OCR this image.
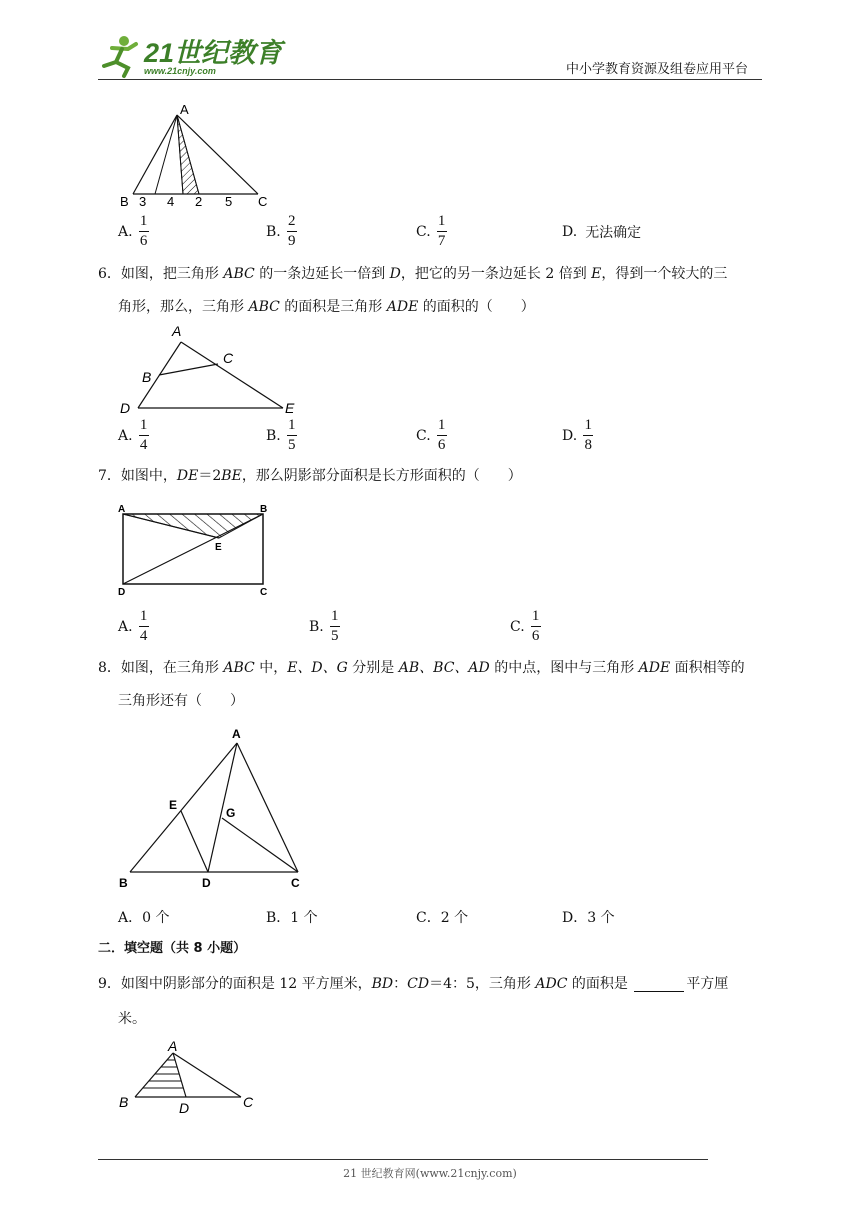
21世纪教育
www.21cnjy.com	中小学教育资源及组卷应用平台
A
B	C
3 4 2 5
A. $\frac{1}{6}$	B. $\frac{2}{9}$	C. $\frac{1}{7}$	D. 无法确定
6．如图，把三角形 ABC 的一条边延长一倍到 D，把它的另一条边延长 2 倍到 E，得到一个较大的三
角形，那么，三角形 ABC 的面积是三角形 ADE 的面积的（　　）
A
B
C
D	E
A. $\frac{1}{4}$	B. $\frac{1}{5}$	C. $\frac{1}{6}$	D. $\frac{1}{8}$
7．如图中，DE＝2BE，那么阴影部分面积是长方形面积的（　　）
A	B
C
D
E
A. $\frac{1}{4}$	B. $\frac{1}{5}$	C. $\frac{1}{6}$
8．如图，在三角形 ABC 中，E、D、G 分别是 AB、BC、AD 的中点，图中与三角形 ADE 面积相等的
三角形还有（　　）
A
B	C
D
E
G
A． 0 个	B． 1 个	C． 2 个	D． 3 个
二．填空题（共 8 小题）
9．如图中阴影部分的面积是 12 平方厘米，BD：CD＝4：5，三角形 ADC 的面积是	平方厘
米。
A
B	C
D
21 世纪教育网(www.21cnjy.com)
